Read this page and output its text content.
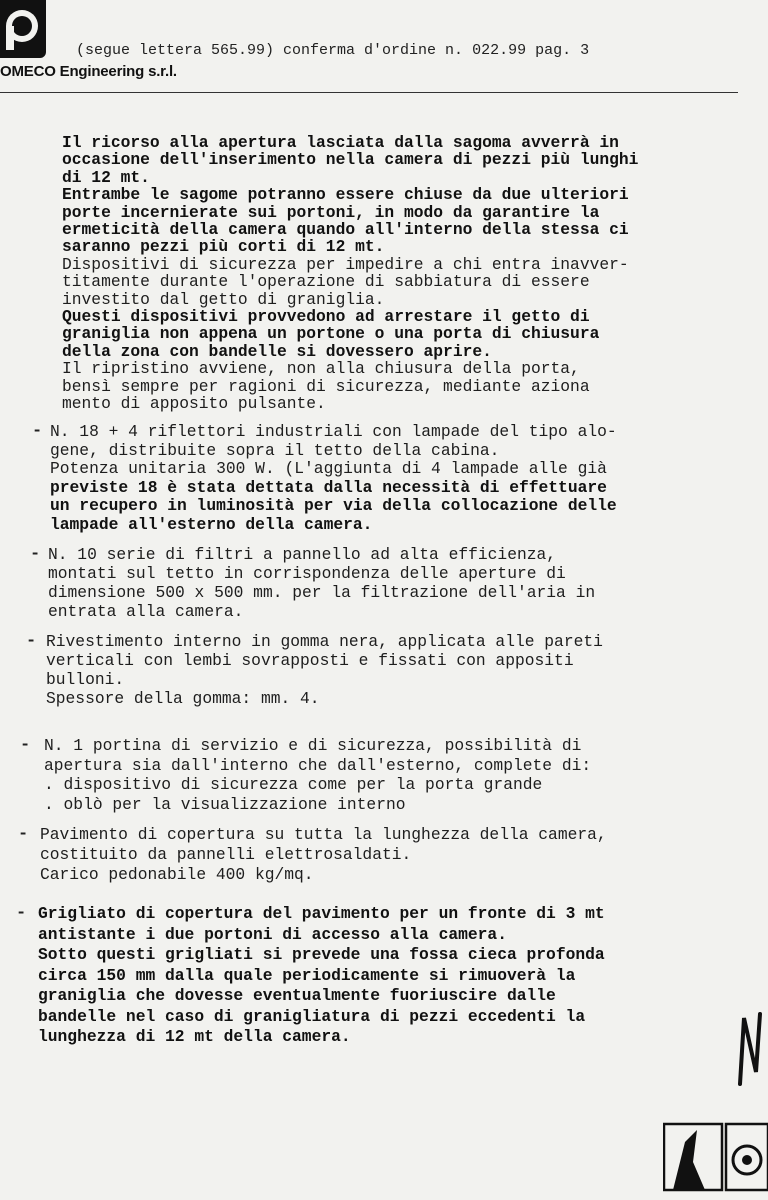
OMECO Engineering s.r.l.
(segue lettera 565.99) conferma d'ordine n. 022.99 pag. 3
Il ricorso alla apertura lasciata dalla sagoma avverrà in
occasione dell'inserimento nella camera di pezzi più lunghi
di 12 mt.
Entrambe le sagome potranno essere chiuse da due ulteriori
porte incernierate sui portoni, in modo da garantire la
ermeticità della camera quando all'interno della stessa ci
saranno pezzi più corti di 12 mt.
Dispositivi di sicurezza per impedire a chi entra inavver-
titamente durante l'operazione di sabbiatura di essere
investito dal getto di graniglia.
Questi dispositivi provvedono ad arrestare il getto di
graniglia non appena un portone o una porta di chiusura
della zona con bandelle si dovessero aprire.
Il ripristino avviene, non alla chiusura della porta,
bensì sempre per ragioni di sicurezza, mediante aziona
mento di apposito pulsante.
- N. 18 + 4 riflettori industriali con lampade del tipo alo-
gene, distribuite sopra il tetto della cabina.
Potenza unitaria 300 W. (L'aggiunta di 4 lampade alle già
previste 18 è stata dettata dalla necessità di effettuare
un recupero in luminosità per via della collocazione delle
lampade all'esterno della camera.
- N. 10 serie di filtri a pannello ad alta efficienza,
montati sul tetto in corrispondenza delle aperture di
dimensione 500 x 500 mm. per la filtrazione dell'aria in
entrata alla camera.
- Rivestimento interno in gomma nera, applicata alle pareti
verticali con lembi sovrapposti e fissati con appositi
bulloni.
Spessore della gomma: mm. 4.
- N. 1 portina di servizio e di sicurezza, possibilità di
apertura sia dall'interno che dall'esterno, complete di:
. dispositivo di sicurezza come per la porta grande
. oblò per la visualizzazione interno
- Pavimento di copertura su tutta la lunghezza della camera,
costituito da pannelli elettrosaldati.
Carico pedonabile 400 kg/mq.
- Grigliato di copertura del pavimento per un fronte di 3 mt
antistante i due portoni di accesso alla camera.
Sotto questi grigliati si prevede una fossa cieca profonda
circa 150 mm dalla quale periodicamente si rimuoverà la
graniglia che dovesse eventualmente fuoriuscire dalle
bandelle nel caso di granigliatura di pezzi eccedenti la
lunghezza di 12 mt della camera.
